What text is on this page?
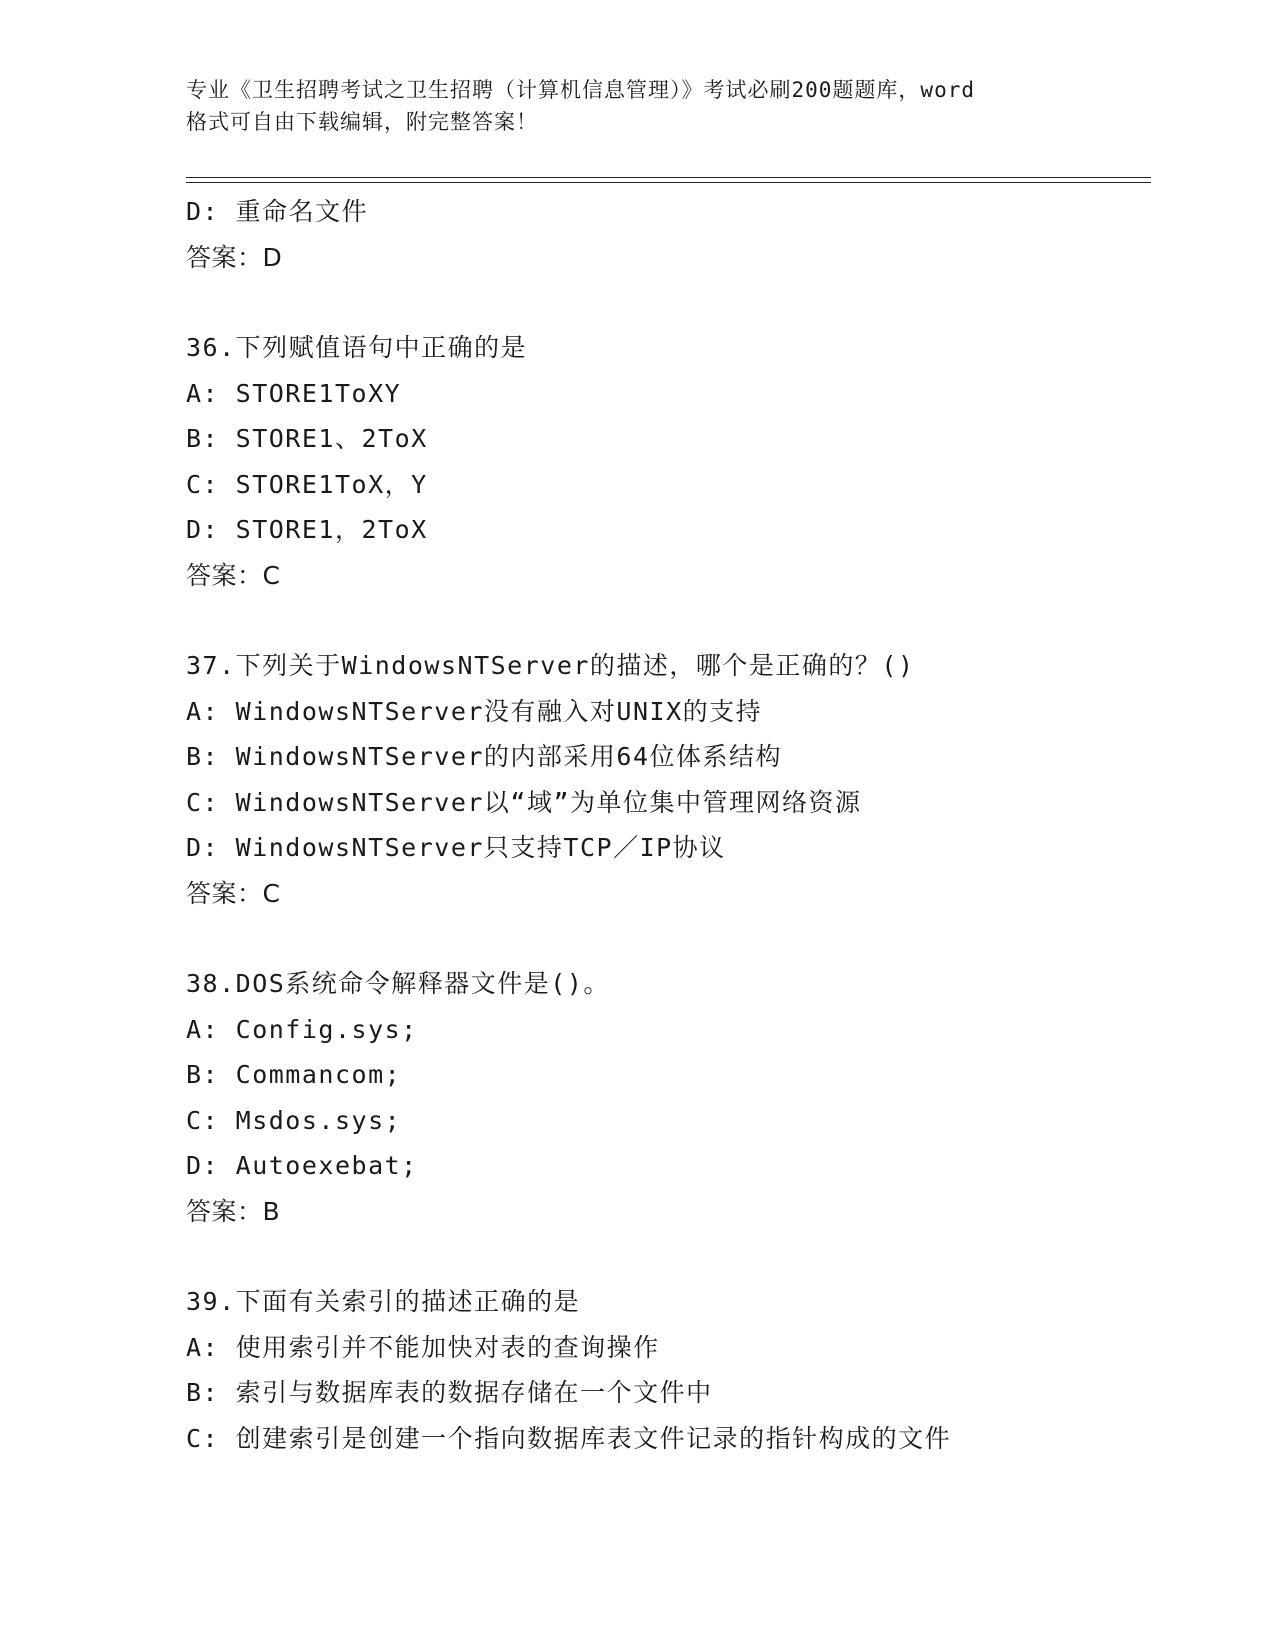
专业《卫生招聘考试之卫生招聘（计算机信息管理）》考试必刷200题题库，word
格式可自由下载编辑，附完整答案！
D: 重命名文件
答案：D
36.下列赋值语句中正确的是
A: STORE1ToXY
B: STORE1、2ToX
C: STORE1ToX，Y
D: STORE1，2ToX
答案：C
37.下列关于WindowsNTServer的描述，哪个是正确的？()
A: WindowsNTServer没有融入对UNIX的支持
B: WindowsNTServer的内部采用64位体系结构
C: WindowsNTServer以“域”为单位集中管理网络资源
D: WindowsNTServer只支持TCP／IP协议
答案：C
38.DOS系统命令解释器文件是()。
A: Config.sys;
B: Commancom;
C: Msdos.sys;
D: Autoexebat;
答案：B
39.下面有关索引的描述正确的是
A: 使用索引并不能加快对表的查询操作
B: 索引与数据库表的数据存储在一个文件中
C: 创建索引是创建一个指向数据库表文件记录的指针构成的文件
